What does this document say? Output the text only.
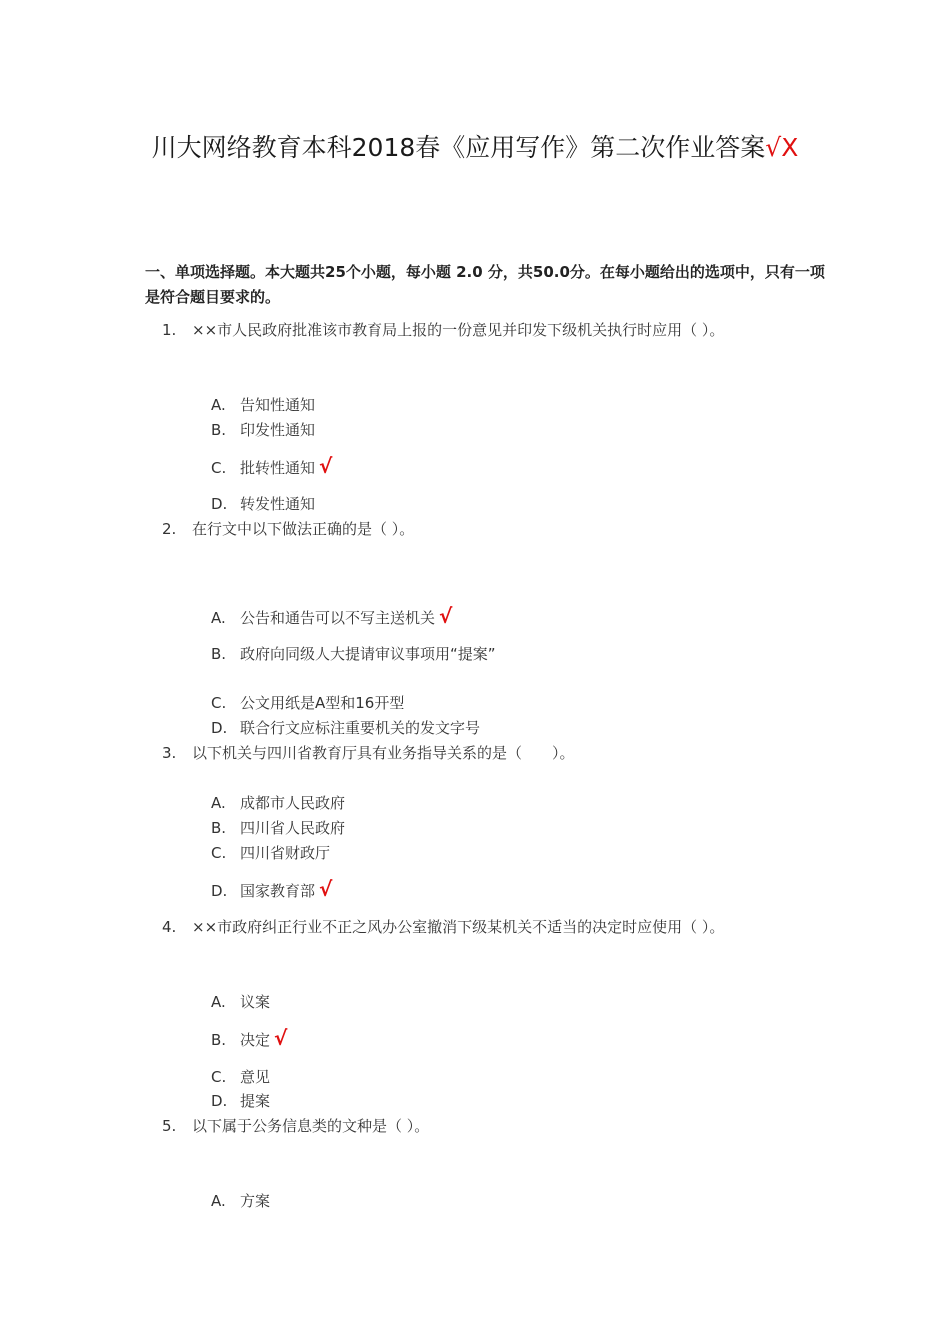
川大网络教育本科2018春《应用写作》第二次作业答案√X
一、单项选择题。本大题共25个小题，每小题 2.0 分，共50.0分。在每小题给出的选项中，只有一项是符合题目要求的。
1. ××市人民政府批准该市教育局上报的一份意见并印发下级机关执行时应用（ ）。
A. 告知性通知
B. 印发性通知
C. 批转性通知 √
D. 转发性通知
2. 在行文中以下做法正确的是（ ）。
A. 公告和通告可以不写主送机关 √
B. 政府向同级人大提请审议事项用“提案”
C. 公文用纸是A型和16开型
D. 联合行文应标注重要机关的发文字号
3. 以下机关与四川省教育厅具有业务指导关系的是（　　）。
A. 成都市人民政府
B. 四川省人民政府
C. 四川省财政厅
D. 国家教育部 √
4. ××市政府纠正行业不正之风办公室撤消下级某机关不适当的决定时应使用（ ）。
A. 议案
B. 决定 √
C. 意见
D. 提案
5. 以下属于公务信息类的文种是（ ）。
A. 方案
